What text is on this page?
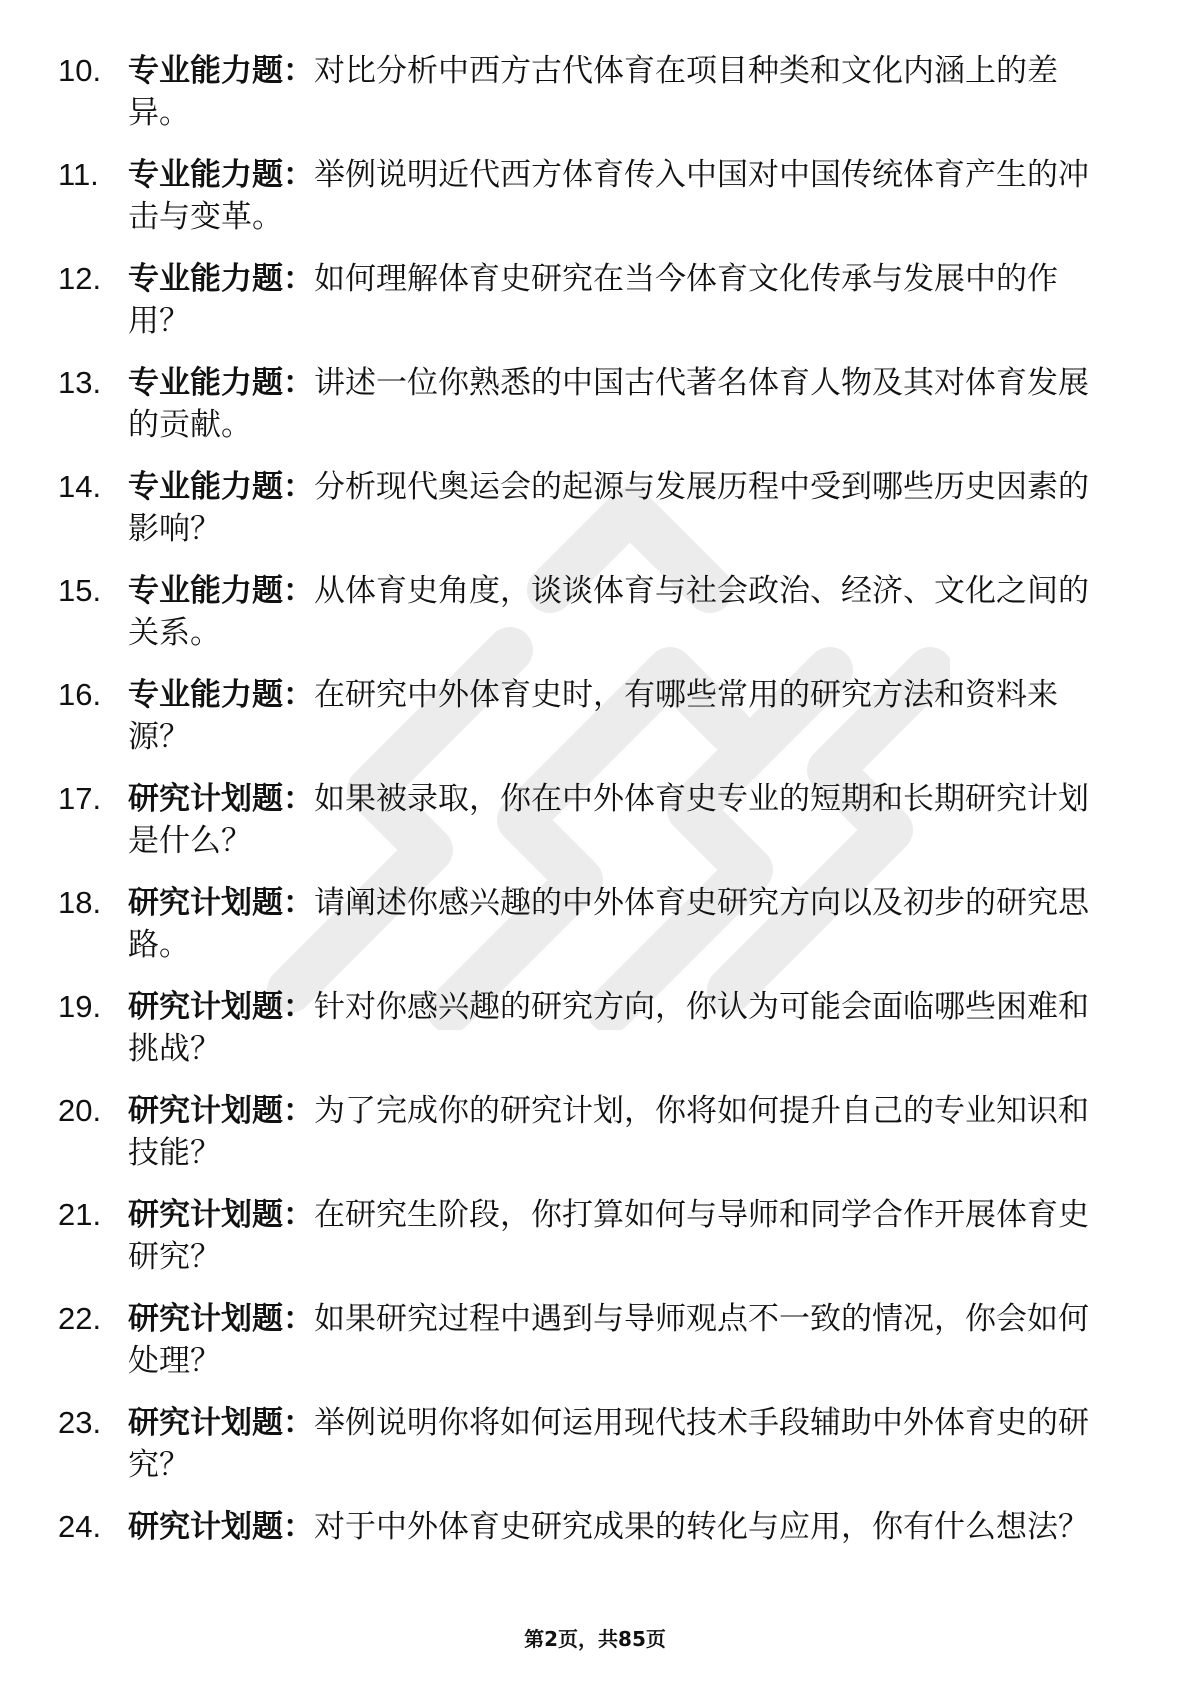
10. 专业能力题：对比分析中西方古代体育在项目种类和文化内涵上的差异。
11. 专业能力题：举例说明近代西方体育传入中国对中国传统体育产生的冲击与变革。
12. 专业能力题：如何理解体育史研究在当今体育文化传承与发展中的作用？
13. 专业能力题：讲述一位你熟悉的中国古代著名体育人物及其对体育发展的贡献。
14. 专业能力题：分析现代奥运会的起源与发展历程中受到哪些历史因素的影响？
15. 专业能力题：从体育史角度，谈谈体育与社会政治、经济、文化之间的关系。
16. 专业能力题：在研究中外体育史时，有哪些常用的研究方法和资料来源？
17. 研究计划题：如果被录取，你在中外体育史专业的短期和长期研究计划是什么？
18. 研究计划题：请阐述你感兴趣的中外体育史研究方向以及初步的研究思路。
19. 研究计划题：针对你感兴趣的研究方向，你认为可能会面临哪些困难和挑战？
20. 研究计划题：为了完成你的研究计划，你将如何提升自己的专业知识和技能？
21. 研究计划题：在研究生阶段，你打算如何与导师和同学合作开展体育史研究？
22. 研究计划题：如果研究过程中遇到与导师观点不一致的情况，你会如何处理？
23. 研究计划题：举例说明你将如何运用现代技术手段辅助中外体育史的研究？
24. 研究计划题：对于中外体育史研究成果的转化与应用，你有什么想法？
第2页，共85页
